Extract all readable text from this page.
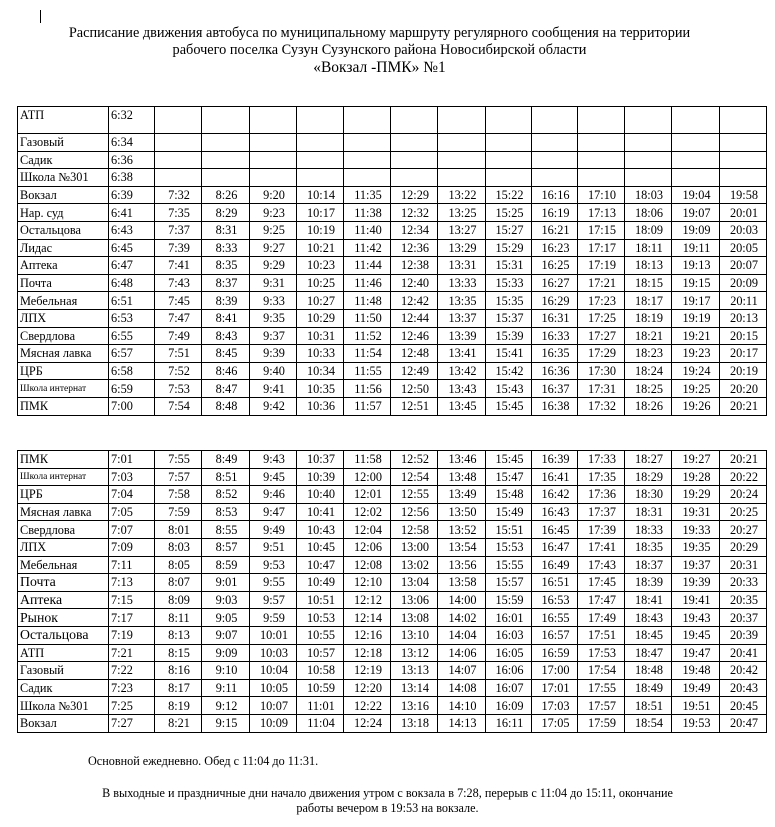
Расписание движения автобуса по муниципальному маршруту регулярного сообщения на территории
рабочего поселка Сузун Сузунского района Новосибирской области
«Вокзал -ПМК» №1
АТП	6:32													
Газовый	6:34													
Садик	6:36													
Школа №301	6:38													
Вокзал	6:39	7:32	8:26	9:20	10:14	11:35	12:29	13:22	15:22	16:16	17:10	18:03	19:04	19:58
Нар. суд	6:41	7:35	8:29	9:23	10:17	11:38	12:32	13:25	15:25	16:19	17:13	18:06	19:07	20:01
Остальцова	6:43	7:37	8:31	9:25	10:19	11:40	12:34	13:27	15:27	16:21	17:15	18:09	19:09	20:03
Лидас	6:45	7:39	8:33	9:27	10:21	11:42	12:36	13:29	15:29	16:23	17:17	18:11	19:11	20:05
Аптека	6:47	7:41	8:35	9:29	10:23	11:44	12:38	13:31	15:31	16:25	17:19	18:13	19:13	20:07
Почта	6:48	7:43	8:37	9:31	10:25	11:46	12:40	13:33	15:33	16:27	17:21	18:15	19:15	20:09
Мебельная	6:51	7:45	8:39	9:33	10:27	11:48	12:42	13:35	15:35	16:29	17:23	18:17	19:17	20:11
ЛПХ	6:53	7:47	8:41	9:35	10:29	11:50	12:44	13:37	15:37	16:31	17:25	18:19	19:19	20:13
Свердлова	6:55	7:49	8:43	9:37	10:31	11:52	12:46	13:39	15:39	16:33	17:27	18:21	19:21	20:15
Мясная лавка	6:57	7:51	8:45	9:39	10:33	11:54	12:48	13:41	15:41	16:35	17:29	18:23	19:23	20:17
ЦРБ	6:58	7:52	8:46	9:40	10:34	11:55	12:49	13:42	15:42	16:36	17:30	18:24	19:24	20:19
Школа интернат	6:59	7:53	8:47	9:41	10:35	11:56	12:50	13:43	15:43	16:37	17:31	18:25	19:25	20:20
ПМК	7:00	7:54	8:48	9:42	10:36	11:57	12:51	13:45	15:45	16:38	17:32	18:26	19:26	20:21
ПМК	7:01	7:55	8:49	9:43	10:37	11:58	12:52	13:46	15:45	16:39	17:33	18:27	19:27	20:21
Школа интернат	7:03	7:57	8:51	9:45	10:39	12:00	12:54	13:48	15:47	16:41	17:35	18:29	19:28	20:22
ЦРБ	7:04	7:58	8:52	9:46	10:40	12:01	12:55	13:49	15:48	16:42	17:36	18:30	19:29	20:24
Мясная лавка	7:05	7:59	8:53	9:47	10:41	12:02	12:56	13:50	15:49	16:43	17:37	18:31	19:31	20:25
Свердлова	7:07	8:01	8:55	9:49	10:43	12:04	12:58	13:52	15:51	16:45	17:39	18:33	19:33	20:27
ЛПХ	7:09	8:03	8:57	9:51	10:45	12:06	13:00	13:54	15:53	16:47	17:41	18:35	19:35	20:29
Мебельная	7:11	8:05	8:59	9:53	10:47	12:08	13:02	13:56	15:55	16:49	17:43	18:37	19:37	20:31
Почта	7:13	8:07	9:01	9:55	10:49	12:10	13:04	13:58	15:57	16:51	17:45	18:39	19:39	20:33
Аптека	7:15	8:09	9:03	9:57	10:51	12:12	13:06	14:00	15:59	16:53	17:47	18:41	19:41	20:35
Рынок	7:17	8:11	9:05	9:59	10:53	12:14	13:08	14:02	16:01	16:55	17:49	18:43	19:43	20:37
Остальцова	7:19	8:13	9:07	10:01	10:55	12:16	13:10	14:04	16:03	16:57	17:51	18:45	19:45	20:39
АТП	7:21	8:15	9:09	10:03	10:57	12:18	13:12	14:06	16:05	16:59	17:53	18:47	19:47	20:41
Газовый	7:22	8:16	9:10	10:04	10:58	12:19	13:13	14:07	16:06	17:00	17:54	18:48	19:48	20:42
Садик	7:23	8:17	9:11	10:05	10:59	12:20	13:14	14:08	16:07	17:01	17:55	18:49	19:49	20:43
Школа №301	7:25	8:19	9:12	10:07	11:01	12:22	13:16	14:10	16:09	17:03	17:57	18:51	19:51	20:45
Вокзал	7:27	8:21	9:15	10:09	11:04	12:24	13:18	14:13	16:11	17:05	17:59	18:54	19:53	20:47
Основной ежедневно. Обед с 11:04 до 11:31.
В выходные и праздничные дни начало движения утром с вокзала в 7:28, перерыв с 11:04 до 15:11, окончание
работы вечером в 19:53 на вокзале.
